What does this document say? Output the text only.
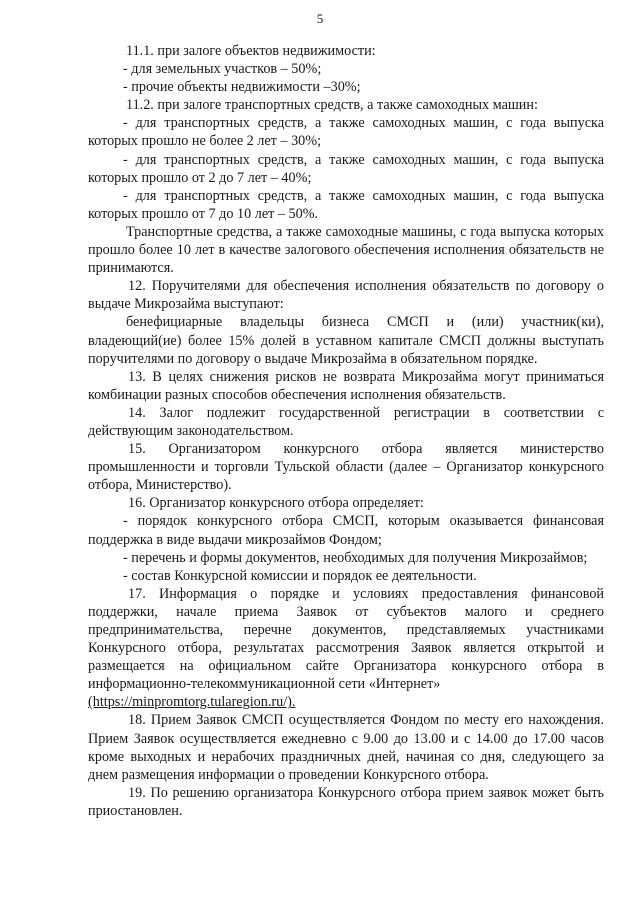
5

11.1. при залоге объектов недвижимости:

- для земельных участков – 50%;

- прочие объекты недвижимости –30%;

11.2. при залоге транспортных средств, а также самоходных машин:

- для транспортных средств, а также самоходных машин, с года выпуска которых прошло не более 2 лет – 30%;

- для транспортных средств, а также самоходных машин, с года выпуска которых прошло от 2 до 7 лет – 40%;

- для транспортных средств, а также самоходных машин, с года выпуска которых прошло от 7 до 10 лет – 50%.

Транспортные средства, а также самоходные машины, с года выпуска которых прошло более 10 лет в качестве залогового обеспечения исполнения обязательств не принимаются.

12. Поручителями для обеспечения исполнения обязательств по договору о выдаче Микрозайма выступают:

бенефициарные владельцы бизнеса СМСП и (или) участник(ки), владеющий(ие) более 15% долей в уставном капитале СМСП должны выступать поручителями по договору о выдаче Микрозайма в обязательном порядке.

13. В целях снижения рисков не возврата Микрозайма могут приниматься комбинации разных способов обеспечения исполнения обязательств.

14. Залог подлежит государственной регистрации в соответствии с действующим законодательством.

15. Организатором конкурсного отбора является министерство промышленности и торговли Тульской области (далее – Организатор конкурсного отбора, Министерство).

16. Организатор конкурсного отбора определяет:

- порядок конкурсного отбора СМСП, которым оказывается финансовая поддержка в виде выдачи микрозаймов Фондом;

- перечень и формы документов, необходимых для получения Микрозаймов;

- состав Конкурсной комиссии и порядок ее деятельности.

17. Информация о порядке и условиях предоставления финансовой поддержки, начале приема Заявок от субъектов малого и среднего предпринимательства, перечне документов, представляемых участниками Конкурсного отбора, результатах рассмотрения Заявок является открытой и размещается на официальном сайте Организатора конкурсного отбора в информационно-телекоммуникационной сети «Интернет»

(https://minpromtorg.tularegion.ru/).

18. Прием Заявок СМСП осуществляется Фондом по месту его нахождения. Прием Заявок осуществляется ежедневно с 9.00 до 13.00 и с 14.00 до 17.00 часов кроме выходных и нерабочих праздничных дней, начиная со дня, следующего за днем размещения информации о проведении Конкурсного отбора.

19. По решению организатора Конкурсного отбора прием заявок может быть приостановлен.
